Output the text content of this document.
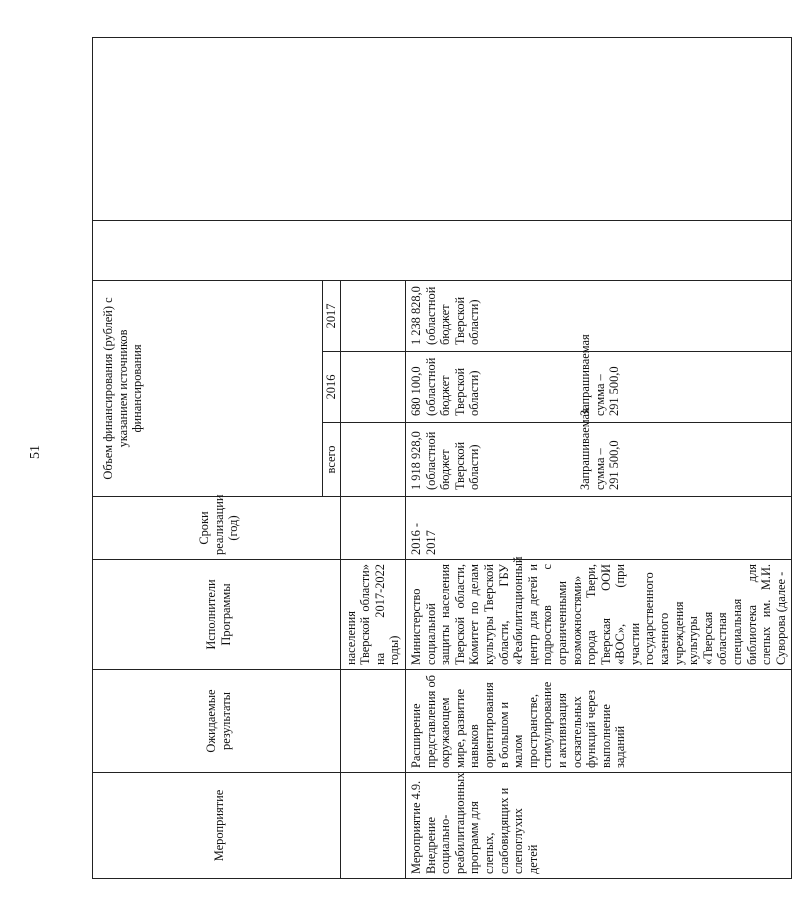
51
Мероприятие	Ожидаемые результаты	Исполнители Программы	Сроки реализации (год)	Объем финансирования (рублей) с указанием источников финансирования				
				всего	2016	2017		
		населения Тверской области» на 2017-2022 годы)						
Мероприятие 4.9. Внедрение социально-реабилитационных программ для слепых, слабовидящих и слепоглухих детей	Расширение представления об окружающем мире, развитие навыков ориентирования в большом и малом пространстве, стимулирование и активизация осязательных функций через выполнение заданий	Министерство социальной защиты населения Тверской области, Комитет по делам культуры Тверской области, ГБУ «Реабилитационный центр для детей и подростков с ограниченными возможностями» города Твери, Тверская ООИ «ВОС», (при участии государственного казенного учреждения культуры «Тверская областная специальная библиотека для слепых им. М.И. Суворова (далее -	2016 - 2017	1 918 928,0 (областной бюджет Тверской области) Запрашиваемая сумма – 291 500,0	680 100,0 (областной бюджет Тверской области) Запрашиваемая сумма – 291 500,0	1 238 828,0 (областной бюджет Тверской области)		
